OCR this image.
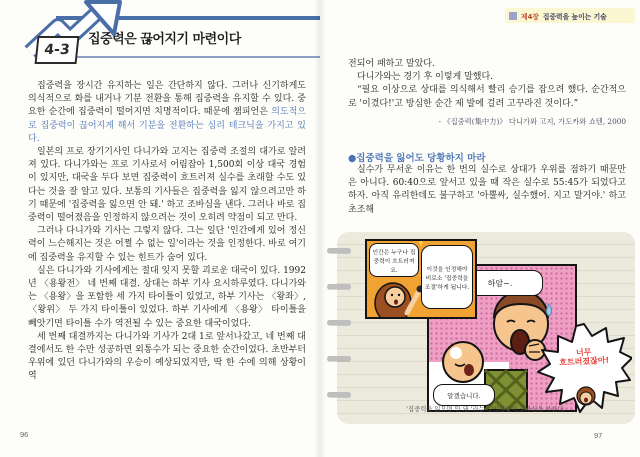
4-3
집중력은 끊어지기 마련이다

집중력을 장시간 유지하는 일은 간단하지 않다. 그러나 신기하게도 의식적으로 화를 내거나 기분 전환을 통해 집중력을 유지할 수 있다. 중요한 순간에 집중력이 떨어지면 치명적이다. 때문에 챔피언은 의도적으로 집중력이 끊어지게 해서 기분을 전환하는 심리 테크닉을 가지고 있다.

일본의 프로 장기기사인 다니가와 고지는 집중력 조절의 대가로 알려져 있다. 다니가와는 프로 기사로서 어림잡아 1,500회 이상 대국 경험이 있지만, 대국을 두다 보면 집중력이 흐트러져 실수를 초래할 수도 있다는 것을 잘 알고 있다. 보통의 기사들은 집중력을 잃지 않으려고만 하기 때문에 '집중력을 잃으면 안 돼.' 하고 조바심을 낸다. 그러나 바로 집중력이 떨어졌음을 인정하지 않으려는 것이 오히려 약점이 되고 만다.

그러나 다니가와 기사는 그렇지 않다. 그는 일단 '인간에게 있어 정신력이 느슨해지는 것은 어쩔 수 없는 일'이라는 것을 인정한다. 바로 여기에 집중력을 유지할 수 있는 힌트가 숨어 있다.

실은 다니가와 기사에게는 절대 잊지 못할 괴로운 대국이 있다. 1992년 〈용왕전〉 네 번째 대결. 상대는 하부 기사 요시하루였다. 다니가와는 〈용왕〉을 포함한 세 가지 타이틀이 있었고, 하부 기사는 〈왕좌〉, 〈왕위〉 두 가지 타이틀이 있었다. 하부 기사에게 〈용왕〉 타이틀을 빼앗기면 타이틀 수가 역전될 수 있는 중요한 대국이었다.

세 번째 대결까지는 다니가와 기사가 2대 1로 앞서나갔고, 네 번째 대결에서도 한 수만 성공하면 외통수가 되는 중요한 순간이었다. 초반부터 우위에 있던 다니가와의 우승이 예상되었지만, 딱 한 수에 의해 상황이 역

96
제4장 집중력을 높이는 기술

전되어 패하고 말았다.

다니가와는 경기 후 이렇게 말했다.

“필요 이상으로 상대를 의식해서 빨리 승기를 잡으려 했다. 순간적으로 '이겼다!'고 방심한 순간 제 발에 걸려 고꾸라진 것이다.”

- 《집중력(集中力)》 다니가와 고지, 가도카와 쇼텐, 2000

●집중력을 잃어도 당황하지 마라

실수가 무서운 이유는 한 번의 실수로 상대가 우위를 점하기 때문만은 아니다. 60:40으로 앞서고 있을 때 작은 실수로 55:45가 되었다고 하자. 아직 유리한데도 불구하고 '아뿔싸, 실수했어. 지고 말거야.' 하고 초조해

하암~.
알겠습니다.
인간은 누구나 집중력이 흐트러져요.	이것을 인정해야 비로소 '집중력을 조절'하게 됩니다.
너무
흐트러졌잖아!
'집중력을 잃으면 안 돼.'라는 강박관념이 조바심을 부른다.
97
